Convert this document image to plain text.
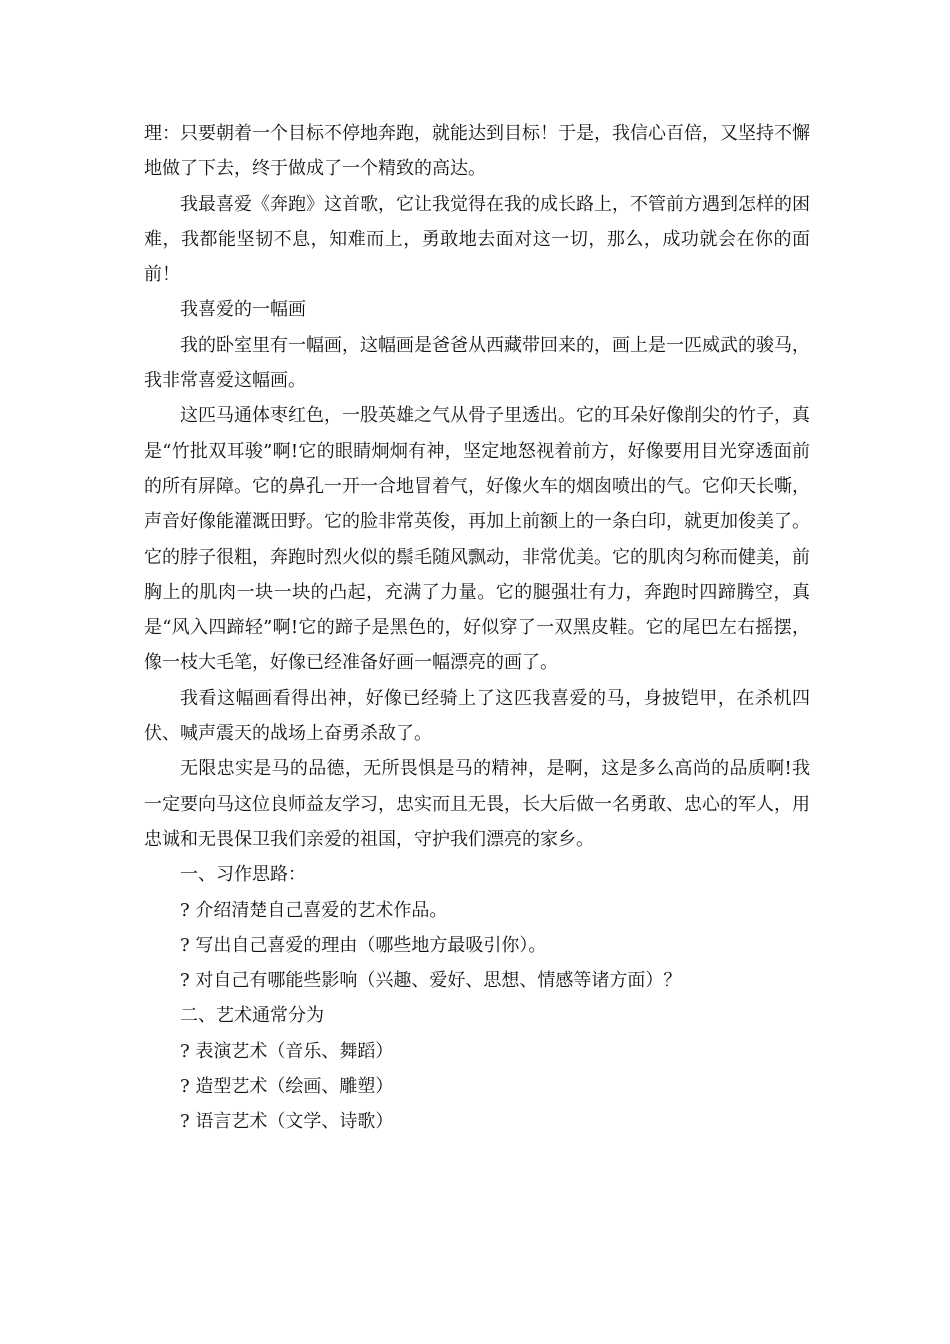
理：只要朝着一个目标不停地奔跑，就能达到目标！于是，我信心百倍，又坚持不懈地做了下去，终于做成了一个精致的高达。

我最喜爱《奔跑》这首歌，它让我觉得在我的成长路上，不管前方遇到怎样的困难，我都能坚韧不息，知难而上，勇敢地去面对这一切，那么，成功就会在你的面前！

我喜爱的一幅画

我的卧室里有一幅画，这幅画是爸爸从西藏带回来的，画上是一匹威武的骏马，我非常喜爱这幅画。

这匹马通体枣红色，一股英雄之气从骨子里透出。它的耳朵好像削尖的竹子，真是“竹批双耳骏”啊!它的眼睛炯炯有神，坚定地怒视着前方，好像要用目光穿透面前的所有屏障。它的鼻孔一开一合地冒着气，好像火车的烟囱喷出的气。它仰天长嘶，声音好像能灌溉田野。它的脸非常英俊，再加上前额上的一条白印，就更加俊美了。它的脖子很粗，奔跑时烈火似的鬃毛随风飘动，非常优美。它的肌肉匀称而健美，前胸上的肌肉一块一块的凸起，充满了力量。它的腿强壮有力，奔跑时四蹄腾空，真是“风入四蹄轻”啊!它的蹄子是黑色的，好似穿了一双黑皮鞋。它的尾巴左右摇摆，像一枝大毛笔，好像已经准备好画一幅漂亮的画了。

我看这幅画看得出神，好像已经骑上了这匹我喜爱的马，身披铠甲，在杀机四伏、喊声震天的战场上奋勇杀敌了。

无限忠实是马的品德，无所畏惧是马的精神，是啊，这是多么高尚的品质啊!我一定要向马这位良师益友学习，忠实而且无畏，长大后做一名勇敢、忠心的军人，用忠诚和无畏保卫我们亲爱的祖国，守护我们漂亮的家乡。

一、习作思路：

? 介绍清楚自己喜爱的艺术作品。

? 写出自己喜爱的理由（哪些地方最吸引你）。

? 对自己有哪能些影响（兴趣、爱好、思想、情感等诸方面）？

二、艺术通常分为

? 表演艺术（音乐、舞蹈）

? 造型艺术（绘画、雕塑）

? 语言艺术（文学、诗歌）
